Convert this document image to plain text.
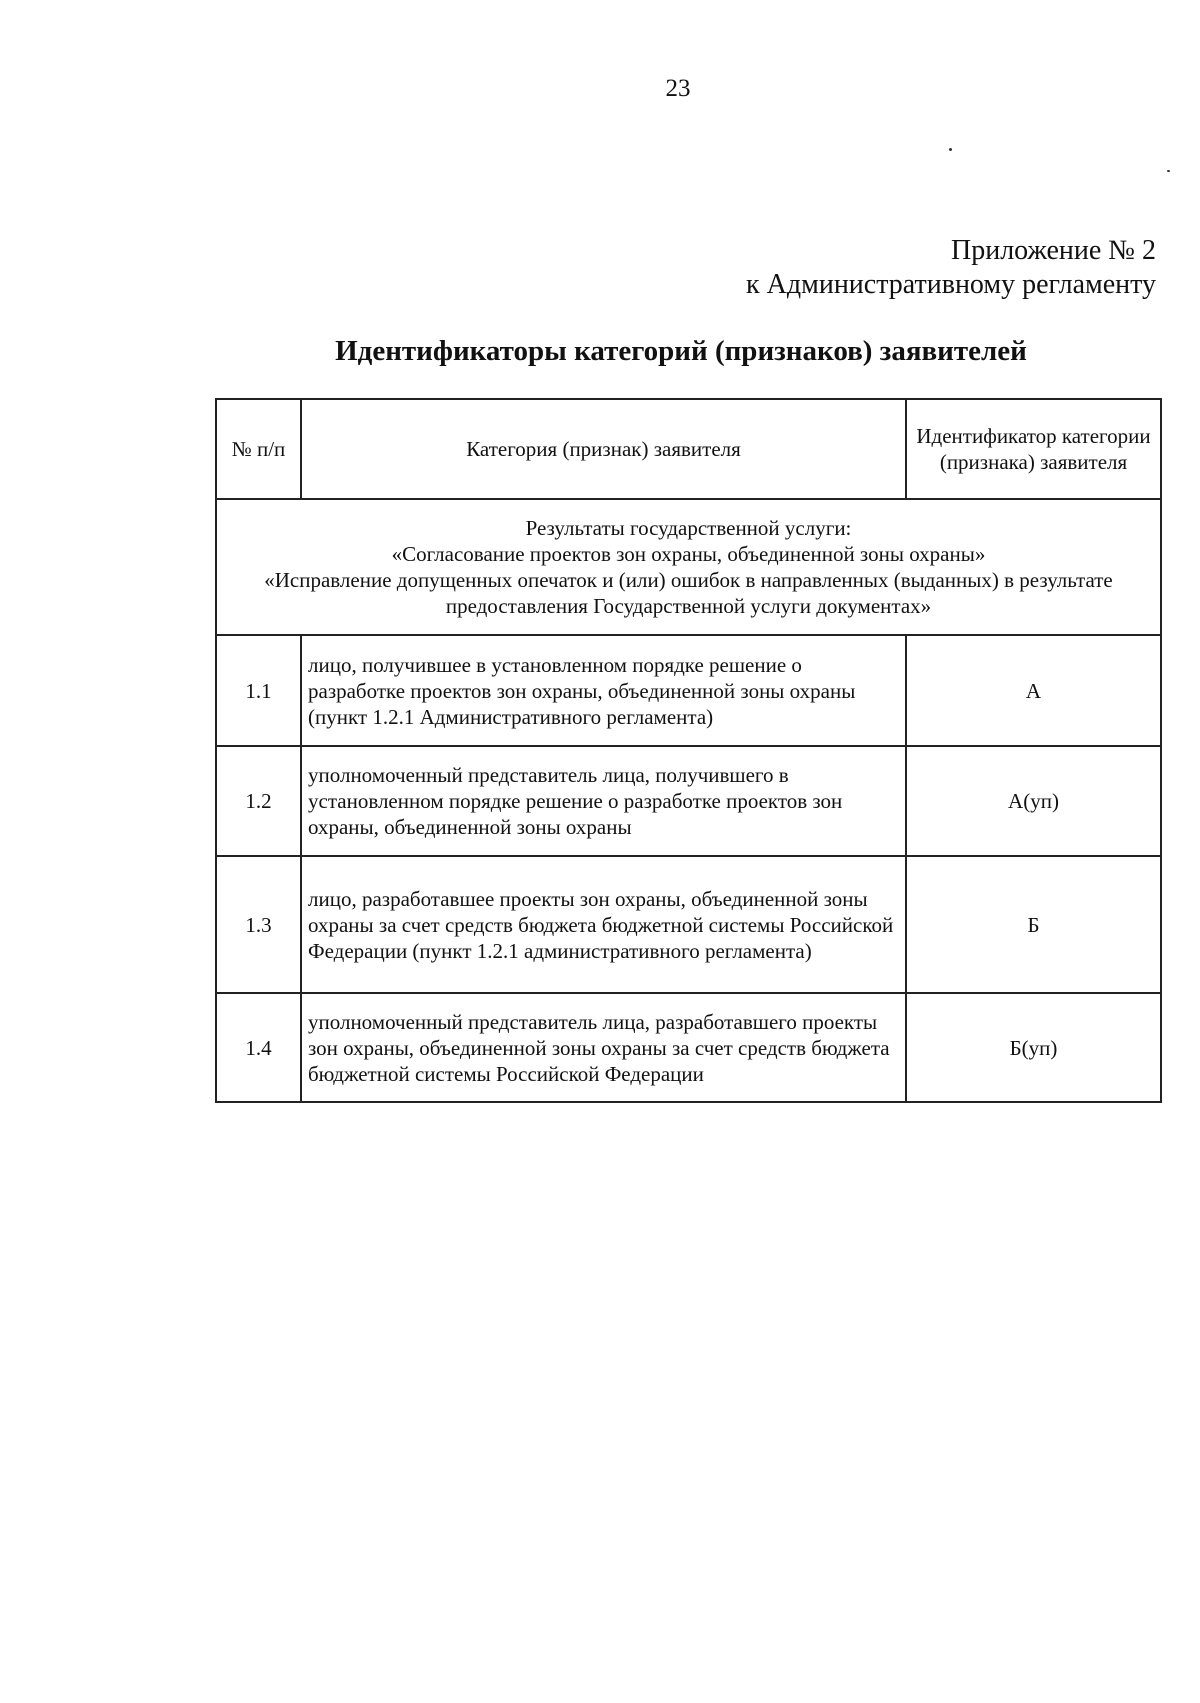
23
Приложение № 2
к Административному регламенту
Идентификаторы категорий (признаков) заявителей
№ п/п	Категория (признак) заявителя	Идентификатор категории (признака) заявителя

Результаты государственной услуги:
«Согласование проектов зон охраны, объединенной зоны охраны»
«Исправление допущенных опечаток и (или) ошибок в направленных (выданных) в результате предоставления Государственной услуги документах»		

1.1	лицо, получившее в установленном порядке решение о разработке проектов зон охраны, объединенной зоны охраны (пункт 1.2.1 Административного регламента)	А
1.2	уполномоченный представитель лица, получившего в установленном порядке решение о разработке проектов зон охраны, объединенной зоны охраны	А(уп)
1.3	лицо, разработавшее проекты зон охраны, объединенной зоны охраны за счет средств бюджета бюджетной системы Российской Федерации (пункт 1.2.1 административного регламента)	Б
1.4	уполномоченный представитель лица, разработавшего проекты зон охраны, объединенной зоны охраны за счет средств бюджета бюджетной системы Российской Федерации	Б(уп)
